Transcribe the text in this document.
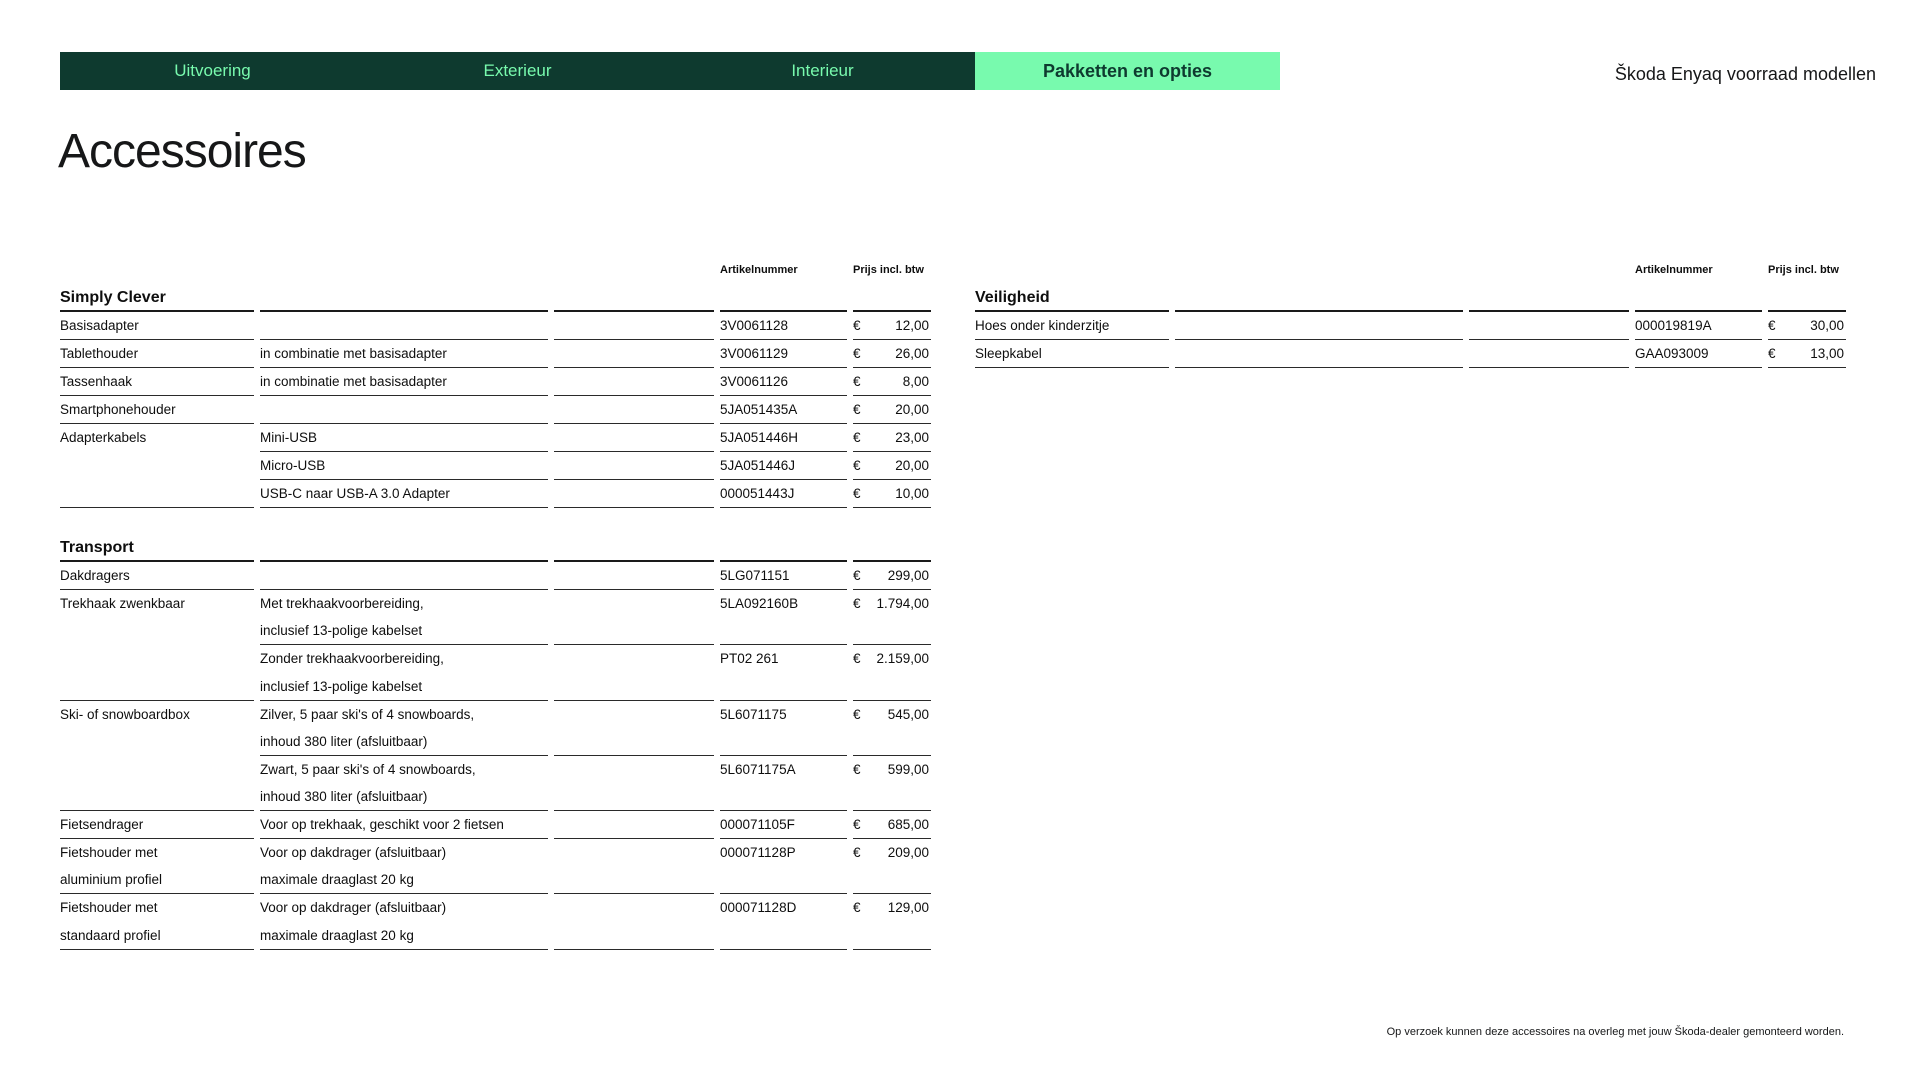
Uitvoering	Exterieur	Interieur	Pakketten en opties	Škoda Enyaq voorraad modellen
Accessoires
			Artikelnummer	Prijs incl. btw
Simply Clever				
Basisadapter			3V0061128	€ 12,00

Tablethouder	in combinatie met basisadapter		3V0061129	€ 26,00

Tassenhaak	in combinatie met basisadapter		3V0061126	€ 8,00

Smartphonehouder			5JA051435A	€ 20,00

Adapterkabels	Mini-USB		5JA051446H	€ 23,00

	Micro-USB		5JA051446J	€ 20,00

	USB-C naar USB-A 3.0 Adapter		000051443J	€ 10,00

Transport				
Dakdragers			5LG071151	€ 299,00

Trekhaak zwenkbaar	Met trekhaakvoorbereiding,		5LA092160B	€ 1.794,00

	inclusief 13-polige kabelset			
	Zonder trekhaakvoorbereiding,		PT02 261	€ 2.159,00

	inclusief 13-polige kabelset			
Ski- of snowboardbox	Zilver, 5 paar ski's of 4 snowboards,		5L6071175	€ 545,00

	inhoud 380 liter (afsluitbaar)			
	Zwart, 5 paar ski's of 4 snowboards,		5L6071175A	€ 599,00

	inhoud 380 liter (afsluitbaar)			
Fietsendrager	Voor op trekhaak, geschikt voor 2 fietsen		000071105F	€ 685,00

Fietshouder met	Voor op dakdrager (afsluitbaar)		000071128P	€ 209,00

aluminium profiel	maximale draaglast 20 kg			
Fietshouder met	Voor op dakdrager (afsluitbaar)		000071128D	€ 129,00

standaard profiel	maximale draaglast 20 kg			
			Artikelnummer	Prijs incl. btw
Veiligheid				
Hoes onder kinderzitje			000019819A	€ 30,00

Sleepkabel			GAA093009	€ 13,00
Op verzoek kunnen deze accessoires na overleg met jouw Škoda-dealer gemonteerd worden.
